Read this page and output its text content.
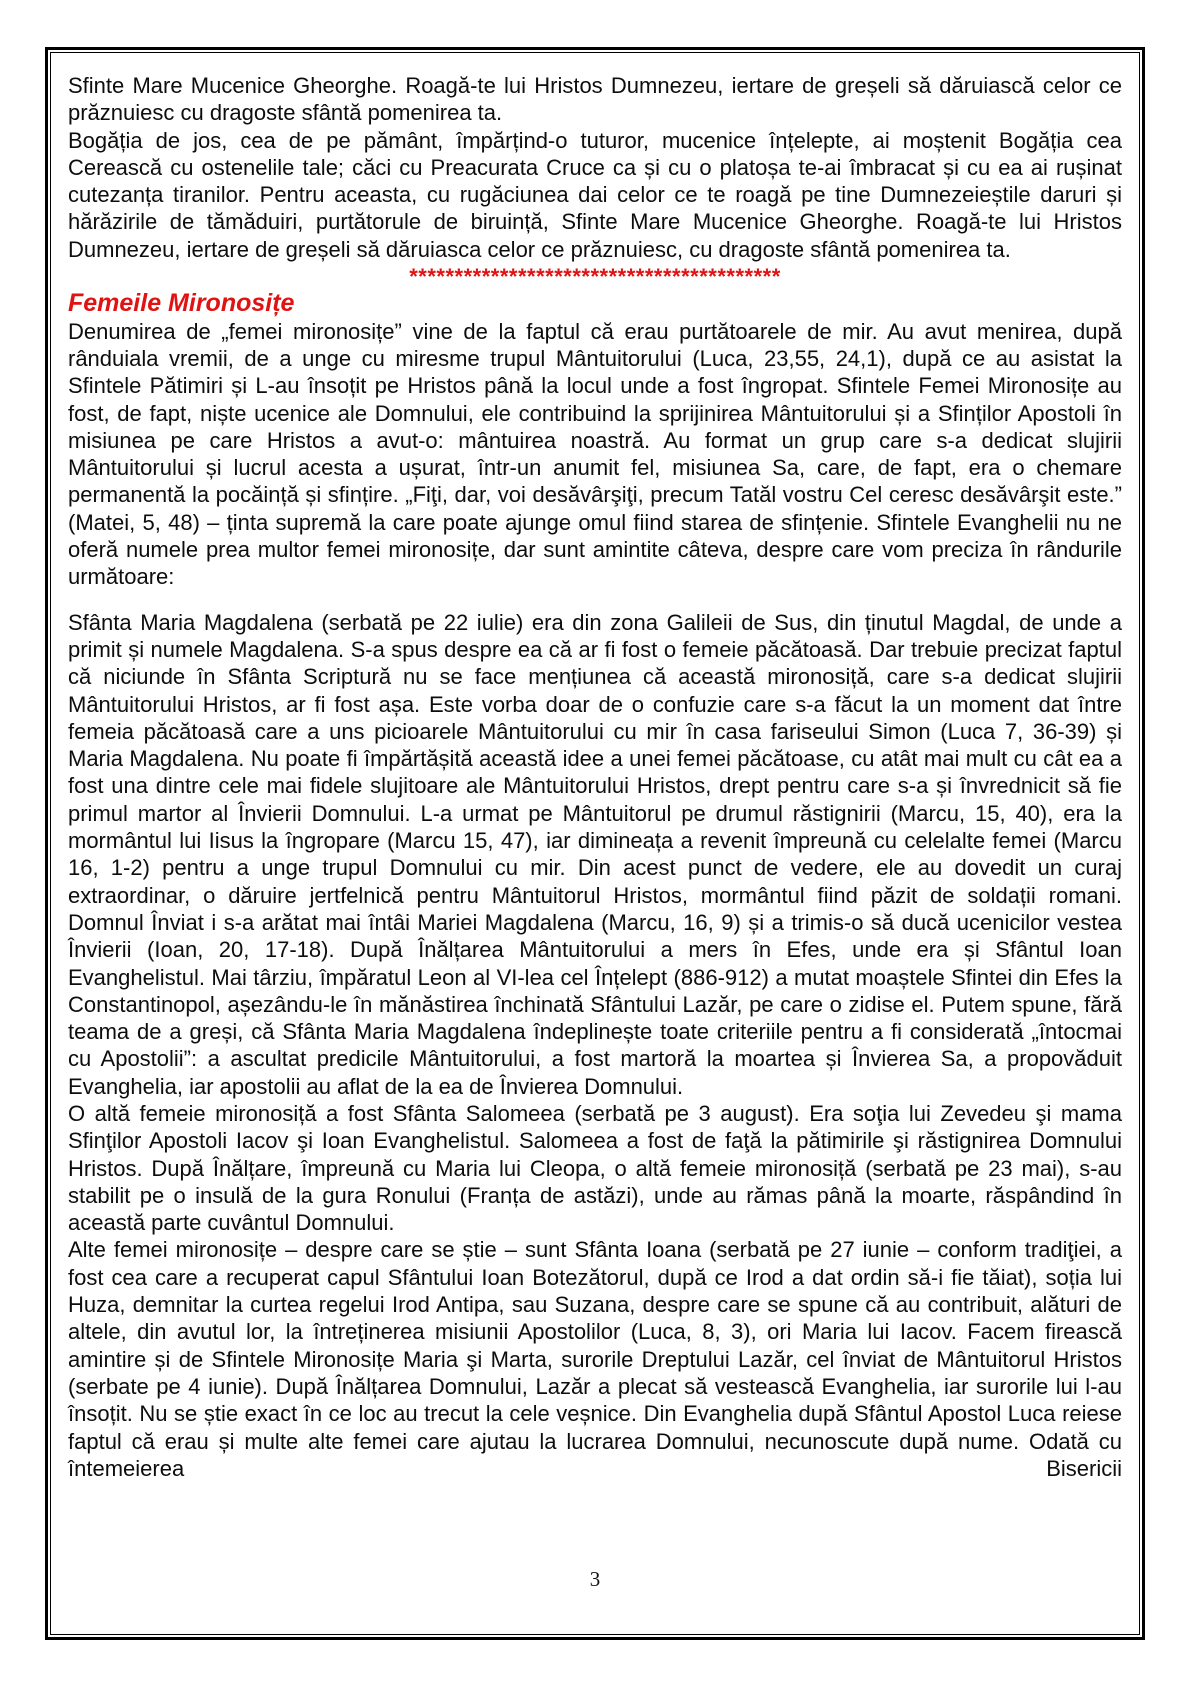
Sfinte Mare Mucenice Gheorghe. Roagă-te lui Hristos Dumnezeu, iertare de greșeli să dăruiască celor ce prăznuiesc cu dragoste sfântă pomenirea ta.

Bogăția de jos, cea de pe pământ, împărțind-o tuturor, mucenice înțelepte, ai moștenit Bogăția cea Cerească cu ostenelile tale; căci cu Preacurata Cruce ca și cu o platoșa te-ai îmbracat și cu ea ai rușinat cutezanța tiranilor. Pentru aceasta, cu rugăciunea dai celor ce te roagă pe tine Dumnezeieștile daruri și hărăzirile de tămăduiri, purtătorule de biruință, Sfinte Mare Mucenice Gheorghe. Roagă-te lui Hristos Dumnezeu, iertare de greșeli să dăruiasca celor ce prăznuiesc, cu dragoste sfântă pomenirea ta.

*****************************************
Femeile Mironosițe

Denumirea de „femei mironosițe” vine de la faptul că erau purtătoarele de mir. Au avut menirea, după rânduiala vremii, de a unge cu miresme trupul Mântuitorului (Luca, 23,55, 24,1), după ce au asistat la Sfintele Pătimiri și L-au însoțit pe Hristos până la locul unde a fost îngropat. Sfintele Femei Mironosițe au fost, de fapt, niște ucenice ale Domnului, ele contribuind la sprijinirea Mântuitorului și a Sfinților Apostoli în misiunea pe care Hristos a avut-o: mântuirea noastră. Au format un grup care s-a dedicat slujirii Mântuitorului și lucrul acesta a ușurat, într-un anumit fel, misiunea Sa, care, de fapt, era o chemare permanentă la pocăință și sfințire. „Fiţi, dar, voi desăvârşiţi, precum Tatăl vostru Cel ceresc desăvârşit este.” (Matei, 5, 48) – ținta supremă la care poate ajunge omul fiind starea de sfințenie. Sfintele Evanghelii nu ne oferă numele prea multor femei mironosițe, dar sunt amintite câteva, despre care vom preciza în rândurile următoare:

Sfânta Maria Magdalena (serbată pe 22 iulie) era din zona Galileii de Sus, din ținutul Magdal, de unde a primit și numele Magdalena. S-a spus despre ea că ar fi fost o femeie păcătoasă. Dar trebuie precizat faptul că niciunde în Sfânta Scriptură nu se face mențiunea că această mironosiță, care s-a dedicat slujirii Mântuitorului Hristos, ar fi fost așa. Este vorba doar de o confuzie care s-a făcut la un moment dat între femeia păcătoasă care a uns picioarele Mântuitorului cu mir în casa fariseului Simon (Luca 7, 36-39) și Maria Magdalena. Nu poate fi împărtășită această idee a unei femei păcătoase, cu atât mai mult cu cât ea a fost una dintre cele mai fidele slujitoare ale Mântuitorului Hristos, drept pentru care s-a și învrednicit să fie primul martor al Învierii Domnului. L-a urmat pe Mântuitorul pe drumul răstignirii (Marcu, 15, 40), era la mormântul lui Iisus la îngropare (Marcu 15, 47), iar dimineața a revenit împreună cu celelalte femei (Marcu 16, 1-2) pentru a unge trupul Domnului cu mir. Din acest punct de vedere, ele au dovedit un curaj extraordinar, o dăruire jertfelnică pentru Mântuitorul Hristos, mormântul fiind păzit de soldații romani. Domnul Înviat i s-a arătat mai întâi Mariei Magdalena (Marcu, 16, 9) și a trimis-o să ducă ucenicilor vestea Învierii (Ioan, 20, 17-18). După Înălțarea Mântuitorului a mers în Efes, unde era și Sfântul Ioan Evanghelistul. Mai târziu, împăratul Leon al VI-lea cel Înțelept (886-912) a mutat moaștele Sfintei din Efes la Constantinopol, așezându-le în mănăstirea închinată Sfântului Lazăr, pe care o zidise el. Putem spune, fără teama de a greși, că Sfânta Maria Magdalena îndeplinește toate criteriile pentru a fi considerată „întocmai cu Apostolii”: a ascultat predicile Mântuitorului, a fost martoră la moartea și Învierea Sa, a propovăduit Evanghelia, iar apostolii au aflat de la ea de Învierea Domnului.

O altă femeie mironosiță a fost Sfânta Salomeea (serbată pe 3 august). Era soţia lui Zevedeu şi mama Sfinţilor Apostoli Iacov şi Ioan Evanghelistul. Salomeea a fost de faţă la pătimirile şi răstignirea Domnului Hristos. După Înălțare, împreună cu Maria lui Cleopa, o altă femeie mironosiță (serbată pe 23 mai), s-au stabilit pe o insulă de la gura Ronului (Franța de astăzi), unde au rămas până la moarte, răspândind în această parte cuvântul Domnului.

Alte femei mironosițe – despre care se știe – sunt Sfânta Ioana (serbată pe 27 iunie – conform tradiţiei, a fost cea care a recuperat capul Sfântului Ioan Botezătorul, după ce Irod a dat ordin să-i fie tăiat), soția lui Huza, demnitar la curtea regelui Irod Antipa, sau Suzana, despre care se spune că au contribuit, alături de altele, din avutul lor, la întreținerea misiunii Apostolilor (Luca, 8, 3), ori Maria lui Iacov. Facem firească amintire și de Sfintele Mironosițe Maria şi Marta, surorile Dreptului Lazăr, cel înviat de Mântuitorul Hristos (serbate pe 4 iunie). După Înălțarea Domnului, Lazăr a plecat să vestească Evanghelia, iar surorile lui l-au însoțit. Nu se știe exact în ce loc au trecut la cele veșnice. Din Evanghelia după Sfântul Apostol Luca reiese faptul că erau și multe alte femei care ajutau la lucrarea Domnului, necunoscute după nume. Odată cu întemeierea Bisericii

3
